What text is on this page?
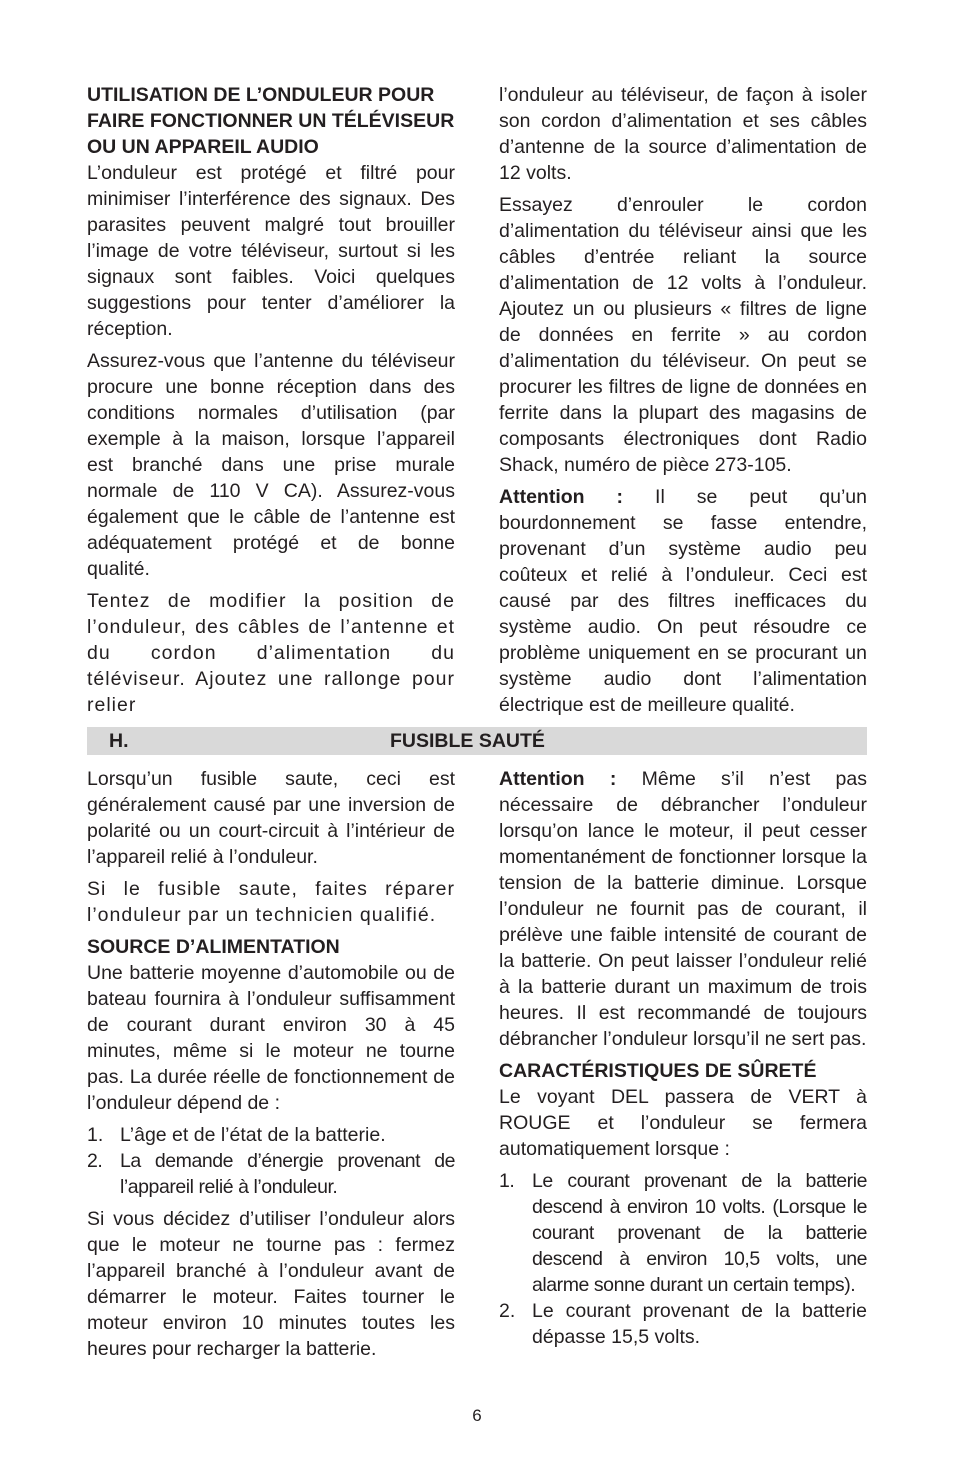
UTILISATION DE L’ONDULEUR POUR FAIRE FONCTIONNER UN TÉLÉVISEUR OU UN APPAREIL AUDIO

L’onduleur est protégé et filtré pour minimiser l’interférence des signaux. Des parasites peuvent malgré tout brouiller l’image de votre téléviseur, surtout si les signaux sont faibles. Voici quelques suggestions pour tenter d’améliorer la réception.

Assurez-vous que l’antenne du téléviseur procure une bonne réception dans des conditions normales d’utilisation (par exemple à la maison, lorsque l’appareil est branché dans une prise murale normale de 110 V CA). Assurez-vous également que le câble de l’antenne est adéquatement protégé et de bonne qualité.

Tentez de modifier la position de l’onduleur, des câbles de l’antenne et du cordon d’alimentation du téléviseur. Ajoutez une rallonge pour relier

l’onduleur au téléviseur, de façon à isoler son cordon d’alimentation et ses câbles d’antenne de la source d’alimentation de 12 volts.

Essayez d’enrouler le cordon d’alimentation du téléviseur ainsi que les câbles d’entrée reliant la source d’alimentation de 12 volts à l’onduleur. Ajoutez un ou plusieurs « filtres de ligne de données en ferrite » au cordon d’alimentation du téléviseur. On peut se procurer les filtres de ligne de données en ferrite dans la plupart des magasins de composants électroniques dont Radio Shack, numéro de pièce 273-105.

Attention : Il se peut qu’un bourdonnement se fasse entendre, provenant d’un système audio peu coûteux et relié à l’onduleur. Ceci est causé par des filtres inefficaces du système audio. On peut résoudre ce problème uniquement en se procurant un système audio dont l’alimentation électrique est de meilleure qualité.

H.	FUSIBLE SAUTÉ

Lorsqu’un fusible saute, ceci est généralement causé par une inversion de polarité ou un court-circuit à l’intérieur de l’appareil relié à l’onduleur.

Si le fusible saute, faites réparer l’onduleur par un technicien qualifié.

SOURCE D’ALIMENTATION

Une batterie moyenne d’automobile ou de bateau fournira à l’onduleur suffisamment de courant durant environ 30 à 45 minutes, même si le moteur ne tourne pas. La durée réelle de fonctionnement de l’onduleur dépend de :

1. L’âge et de l’état de la batterie.
2. La demande d’énergie provenant de l’appareil relié à l’onduleur.

Si vous décidez d’utiliser l’onduleur alors que le moteur ne tourne pas : fermez l’appareil branché à l’onduleur avant de démarrer le moteur. Faites tourner le moteur environ 10 minutes toutes les heures pour recharger la batterie.

Attention : Même s’il n’est pas nécessaire de débrancher l’onduleur lorsqu’on lance le moteur, il peut cesser momentanément de fonctionner lorsque la tension de la batterie diminue. Lorsque l’onduleur ne fournit pas de courant, il prélève une faible intensité de courant de la batterie. On peut laisser l’onduleur relié à la batterie durant un maximum de trois heures. Il est recommandé de toujours débrancher l’onduleur lorsqu’il ne sert pas.

CARACTÉRISTIQUES DE SÛRETÉ

Le voyant DEL passera de VERT à ROUGE et l’onduleur se fermera automatiquement lorsque :

1. Le courant provenant de la batterie descend à environ 10 volts. (Lorsque le courant provenant de la batterie descend à environ 10,5 volts, une alarme sonne durant un certain temps).
2. Le courant provenant de la batterie dépasse 15,5 volts.
6
